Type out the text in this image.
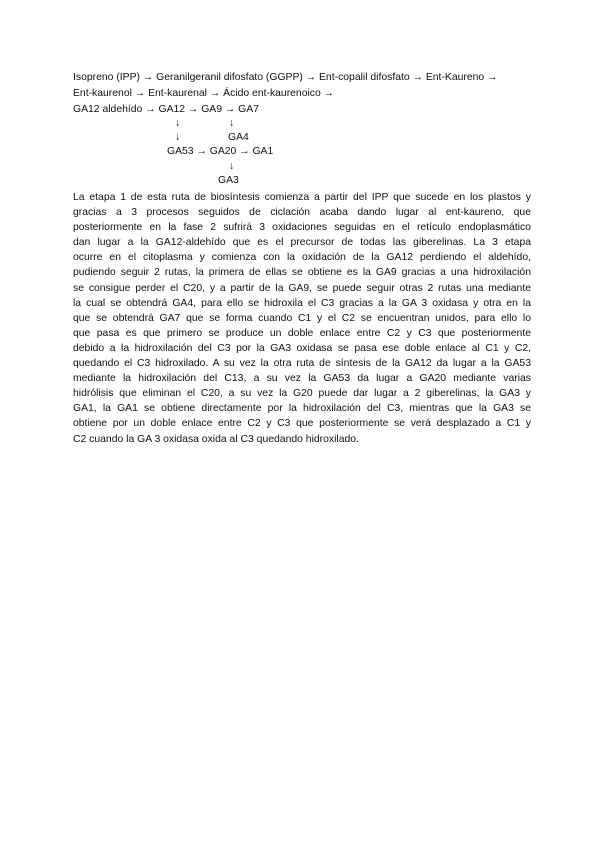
Isopreno (IPP) → Geranilgeranil difosfato (GGPP) → Ent-copalil difosfato → Ent-Kaureno →
Ent-kaurenol → Ent-kaurenal → Ácido ent-kaurenoico →
GA12 aldehído → GA12 → GA9 → GA7
↓	↓
GA4
↓
GA53 → GA20 → GA1
↓
GA3
La etapa 1 de esta ruta de biosíntesis comienza a partir del IPP que sucede en los plastos y
gracias a 3 procesos seguidos de ciclación acaba dando lugar al ent-kaureno, que
posteriormente en la fase 2 sufrirá 3 oxidaciones seguidas en el retículo endoplasmático
dan lugar a la GA12-aldehído que es el precursor de todas las giberelinas. La 3 etapa
ocurre en el citoplasma y comienza con la oxidación de la GA12 perdiendo el aldehído,
pudiendo seguir 2 rutas, la primera de ellas se obtiene es la GA9 gracias a una hidroxilación
se consigue perder el C20, y a partir de la GA9, se puede seguir otras 2 rutas una mediante
la cual se obtendrá GA4, para ello se hidroxila el C3 gracias a la GA 3 oxidasa y otra en la
que se obtendrá GA7 que se forma cuando C1 y el C2 se encuentran unidos, para ello lo
que pasa es que primero se produce un doble enlace entre C2 y C3 que posteriormente
debido a la hidroxilación del C3 por la GA3 oxidasa se pasa ese doble enlace al C1 y C2,
quedando el C3 hidroxilado. A su vez la otra ruta de síntesis de la GA12 da lugar a la GA53
mediante la hidroxilación del C13, a su vez la GA53 da lugar a GA20 mediante varias
hidrólisis que eliminan el C20, a su vez la G20 puede dar lugar a 2 giberelinas, la GA3 y
GA1, la GA1 se obtiene directamente por la hidroxilación del C3, mientras que la GA3 se
obtiene por un doble enlace entre C2 y C3 que posteriormente se verá desplazado a C1 y
C2 cuando la GA 3 oxidasa oxida al C3 quedando hidroxilado.
